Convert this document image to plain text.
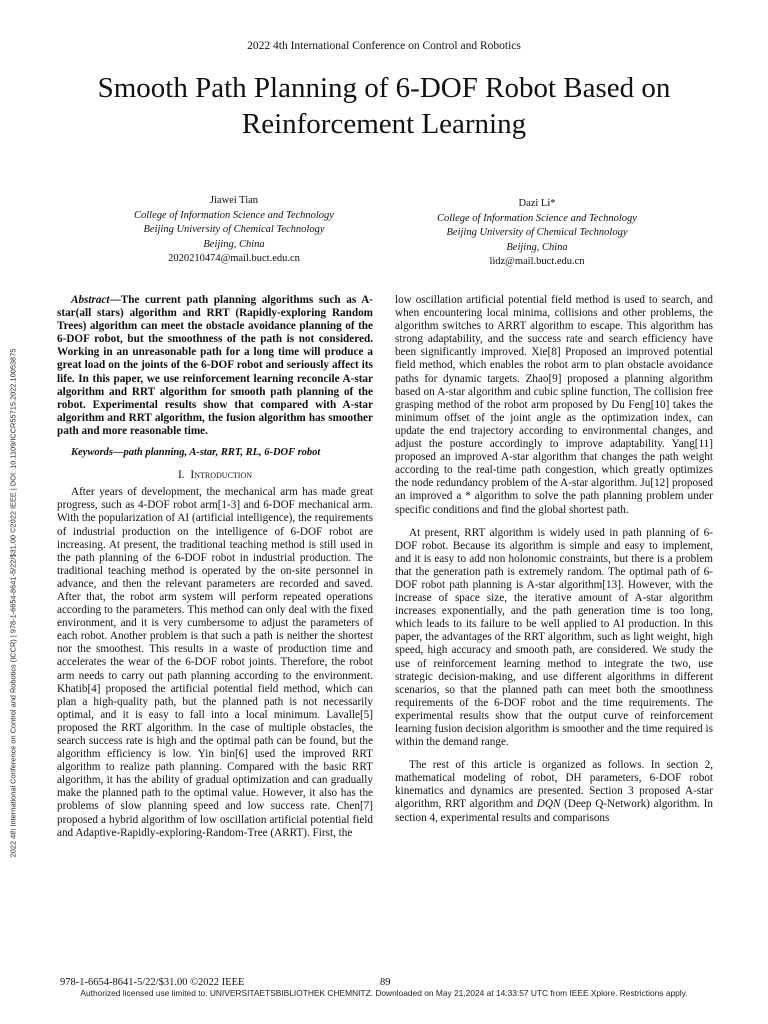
2022 4th International Conference on Control and Robotics
Smooth Path Planning of 6-DOF Robot Based on
Reinforcement Learning
Jiawei Tian
College of Information Science and Technology
Beijing University of Chemical Technology
Beijing, China
2020210474@mail.buct.edu.cn
Dazi Li*
College of Information Science and Technology
Beijing University of Chemical Technology
Beijing, China
lidz@mail.buct.edu.cn
2022 4th International Conference on Control and Robotics (ICCR) | 978-1-6654-8641-5/22/$31.00 ©2022 IEEE | DOI: 10.1109/ICCR55715.2022.10053875

Abstract—The current path planning algorithms such as A-star(all stars) algorithm and RRT (Rapidly-exploring Random Trees) algorithm can meet the obstacle avoidance planning of the 6-DOF robot, but the smoothness of the path is not considered. Working in an unreasonable path for a long time will produce a great load on the joints of the 6-DOF robot and seriously affect its life. In this paper, we use reinforcement learning reconcile A-star algorithm and RRT algorithm for smooth path planning of the robot. Experimental results show that compared with A-star algorithm and RRT algorithm, the fusion algorithm has smoother path and more reasonable time.

Keywords—path planning, A-star, RRT, RL, 6-DOF robot

I. Introduction

After years of development, the mechanical arm has made great progress, such as 4-DOF robot arm[1-3] and 6-DOF mechanical arm. With the popularization of AI (artificial intelligence), the requirements of industrial production on the intelligence of 6-DOF robot are increasing. At present, the traditional teaching method is still used in the path planning of the 6-DOF robot in industrial production. The traditional teaching method is operated by the on-site personnel in advance, and then the relevant parameters are recorded and saved. After that, the robot arm system will perform repeated operations according to the parameters. This method can only deal with the fixed environment, and it is very cumbersome to adjust the parameters of each robot. Another problem is that such a path is neither the shortest nor the smoothest. This results in a waste of production time and accelerates the wear of the 6-DOF robot joints. Therefore, the robot arm needs to carry out path planning according to the environment. Khatib[4] proposed the artificial potential field method, which can plan a high-quality path, but the planned path is not necessarily optimal, and it is easy to fall into a local minimum. Lavalle[5] proposed the RRT algorithm. In the case of multiple obstacles, the search success rate is high and the optimal path can be found, but the algorithm efficiency is low. Yin bin[6] used the improved RRT algorithm to realize path planning. Compared with the basic RRT algorithm, it has the ability of gradual optimization and can gradually make the planned path to the optimal value. However, it also has the problems of slow planning speed and low success rate. Chen[7] proposed a hybrid algorithm of low oscillation artificial potential field and Adaptive-Rapidly-exploring-Random-Tree (ARRT). First, the

low oscillation artificial potential field method is used to search, and when encountering local minima, collisions and other problems, the algorithm switches to ARRT algorithm to escape. This algorithm has strong adaptability, and the success rate and search efficiency have been significantly improved. Xie[8] Proposed an improved potential field method, which enables the robot arm to plan obstacle avoidance paths for dynamic targets. Zhao[9] proposed a planning algorithm based on A-star algorithm and cubic spline function, The collision free grasping method of the robot arm proposed by Du Feng[10] takes the minimum offset of the joint angle as the optimization index, can update the end trajectory according to environmental changes, and adjust the posture accordingly to improve adaptability. Yang[11] proposed an improved A-star algorithm that changes the path weight according to the real-time path congestion, which greatly optimizes the node redundancy problem of the A-star algorithm. Ju[12] proposed an improved a * algorithm to solve the path planning problem under specific conditions and find the global shortest path.

At present, RRT algorithm is widely used in path planning of 6-DOF robot. Because its algorithm is simple and easy to implement, and it is easy to add non holonomic constraints, but there is a problem that the generation path is extremely random. The optimal path of 6-DOF robot path planning is A-star algorithm[13]. However, with the increase of space size, the iterative amount of A-star algorithm increases exponentially, and the path generation time is too long, which leads to its failure to be well applied to AI production. In this paper, the advantages of the RRT algorithm, such as light weight, high speed, high accuracy and smooth path, are considered. We study the use of reinforcement learning method to integrate the two, use strategic decision-making, and use different algorithms in different scenarios, so that the planned path can meet both the smoothness requirements of the 6-DOF robot and the time requirements. The experimental results show that the output curve of reinforcement learning fusion decision algorithm is smoother and the time required is within the demand range.

The rest of this article is organized as follows. In section 2, mathematical modeling of robot, DH parameters, 6-DOF robot kinematics and dynamics are presented. Section 3 proposed A-star algorithm, RRT algorithm and DQN (Deep Q-Network) algorithm. In section 4, experimental results and comparisons

978-1-6654-8641-5/22/$31.00 ©2022 IEEE	89
Authorized licensed use limited to: UNIVERSITAETSBIBLIOTHEK CHEMNITZ. Downloaded on May 21,2024 at 14:33:57 UTC from IEEE Xplore. Restrictions apply.
